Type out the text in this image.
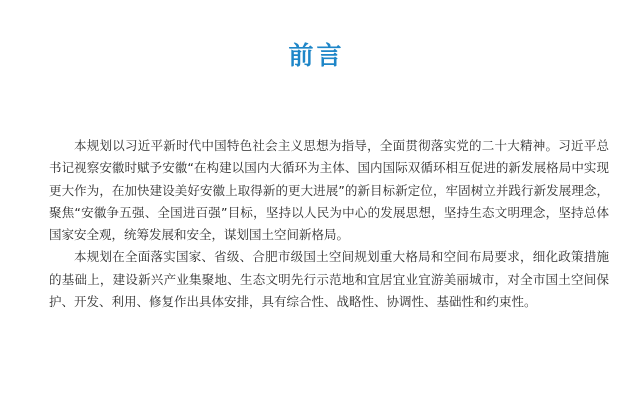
前言

本规划以习近平新时代中国特色社会主义思想为指导，全面贯彻落实党的二十大精神。习近平总书记视察安徽时赋予安徽“在构建以国内大循环为主体、国内国际双循环相互促进的新发展格局中实现更大作为，在加快建设美好安徽上取得新的更大进展”的新目标新定位，牢固树立并践行新发展理念，聚焦“安徽争五强、全国进百强”目标，坚持以人民为中心的发展思想，坚持生态文明理念，坚持总体国家安全观，统筹发展和安全，谋划国土空间新格局。

本规划在全面落实国家、省级、合肥市级国土空间规划重大格局和空间布局要求，细化政策措施的基础上，建设新兴产业集聚地、生态文明先行示范地和宜居宜业宜游美丽城市，对全市国土空间保护、开发、利用、修复作出具体安排，具有综合性、战略性、协调性、基础性和约束性。
